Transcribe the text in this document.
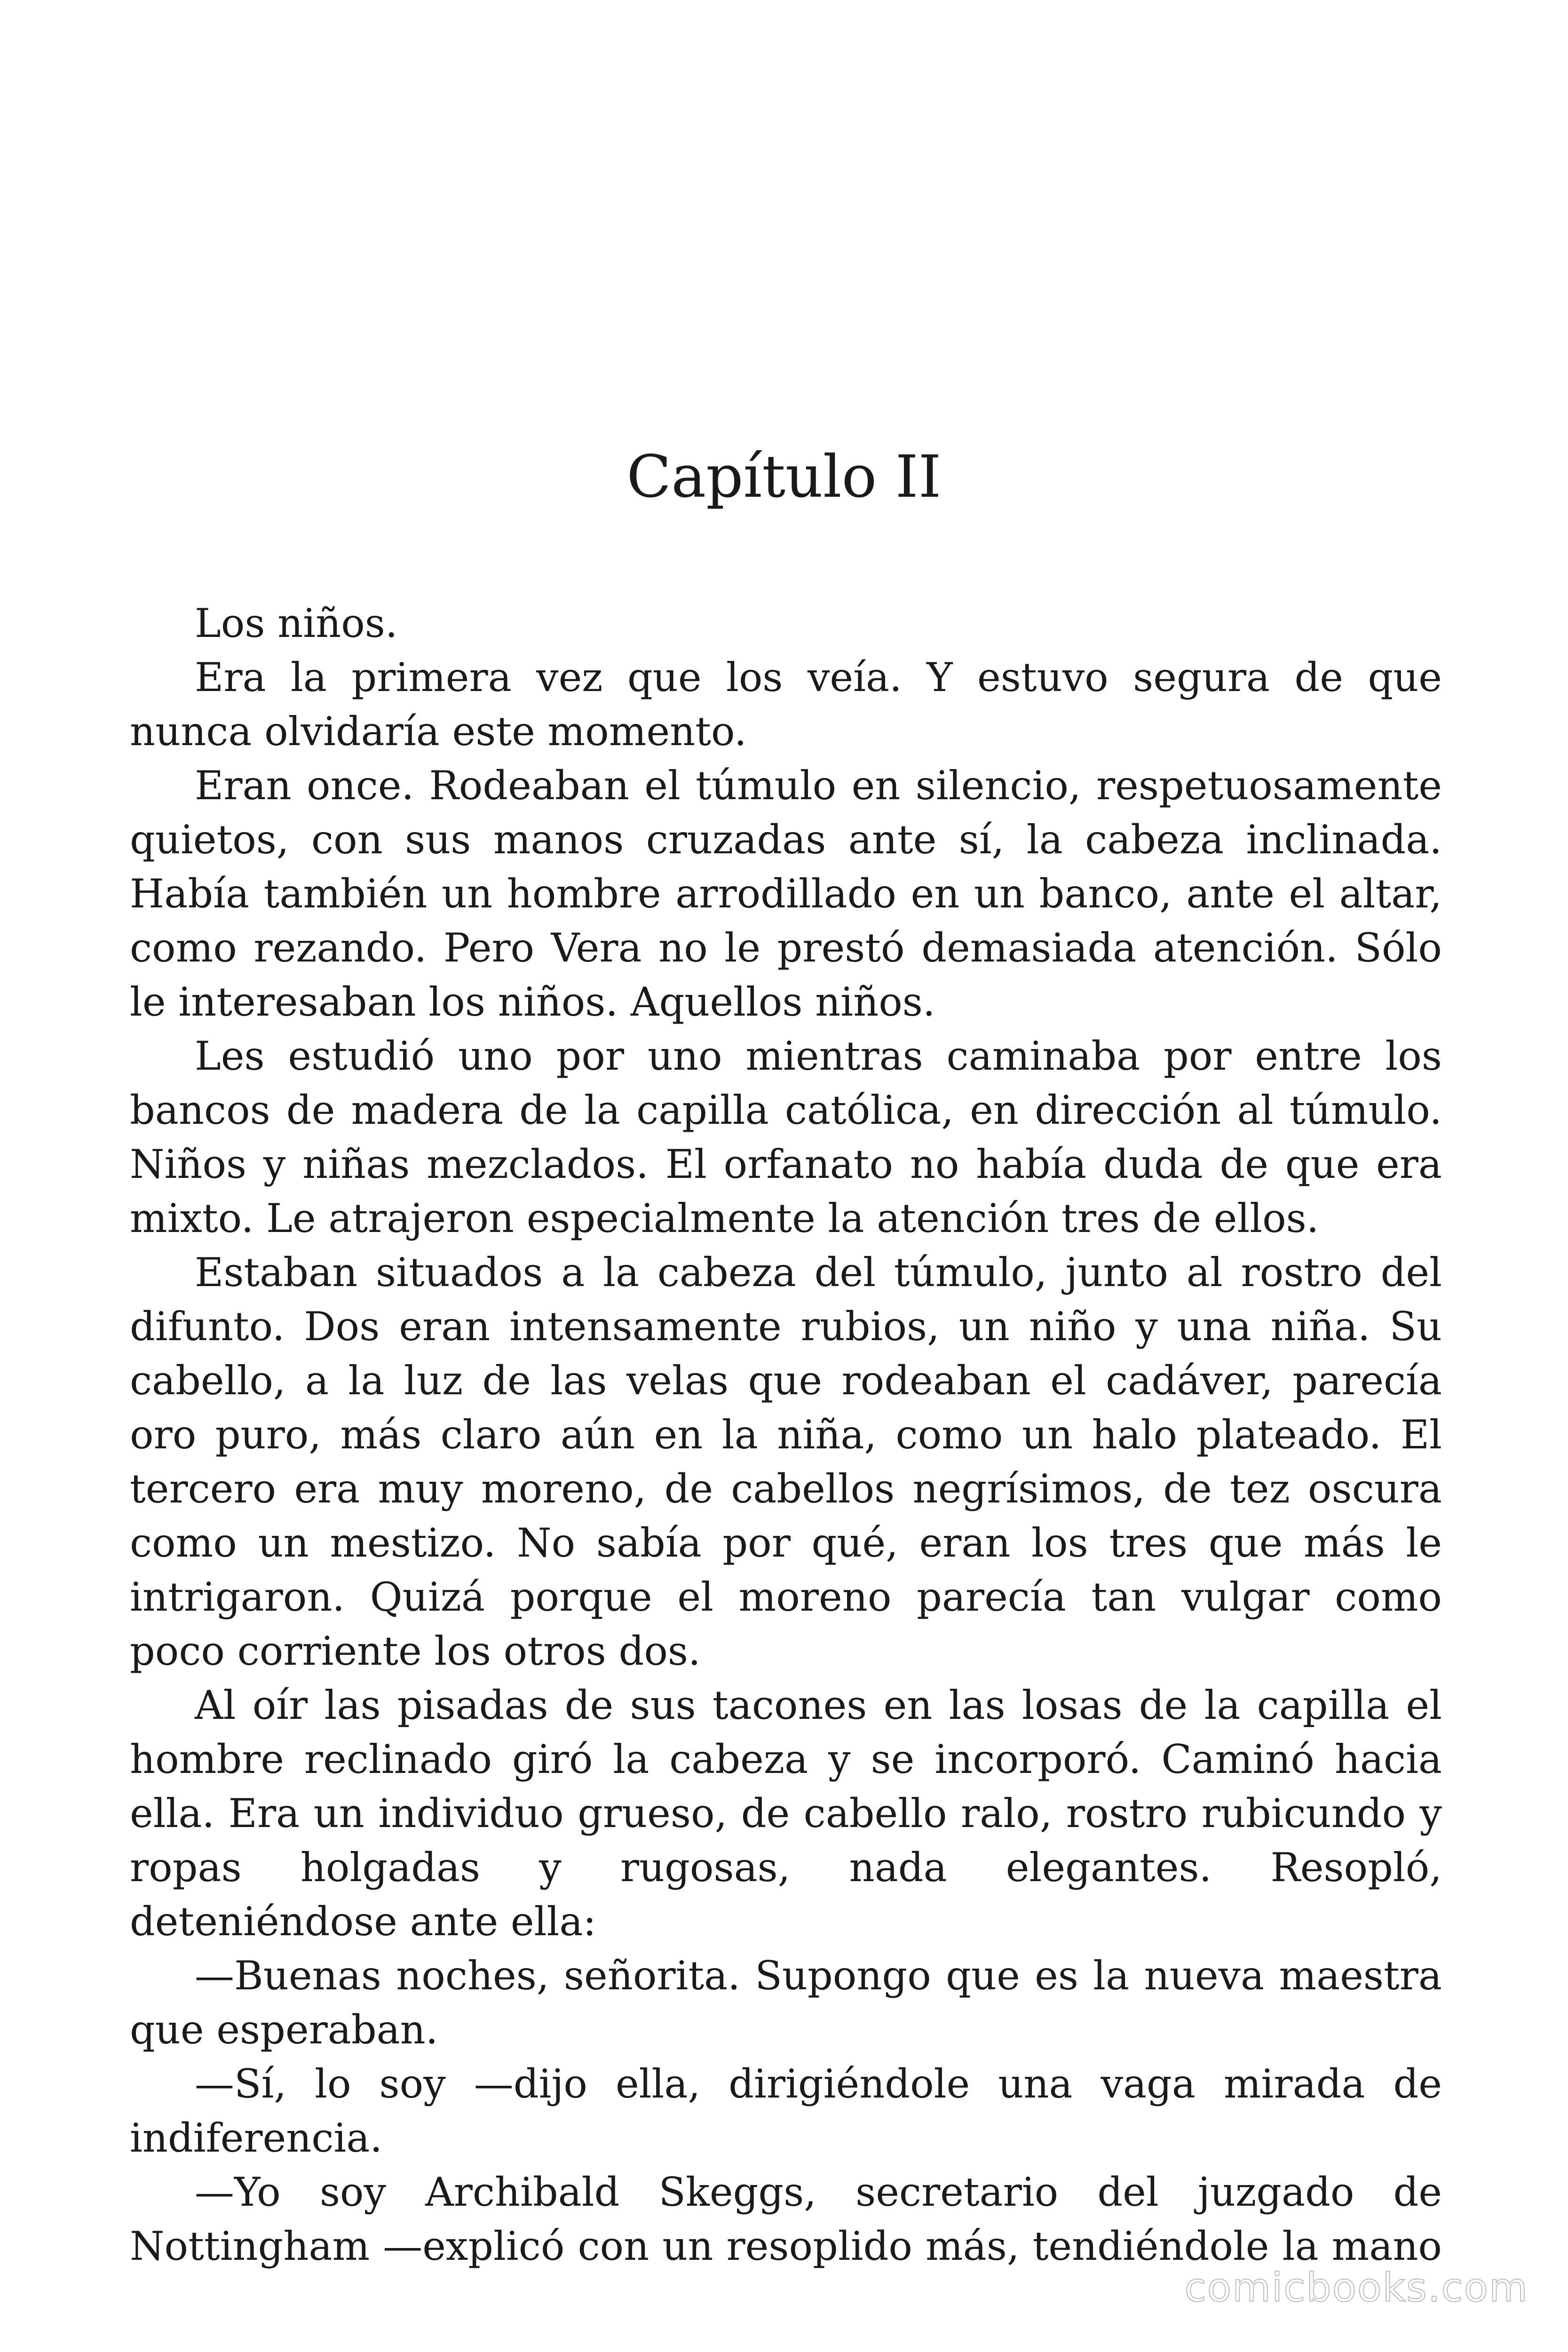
Capítulo II

Los niños.

Era la primera vez que los veía. Y estuvo segura de que nunca olvidaría este momento.

Eran once. Rodeaban el túmulo en silencio, respetuosamente quietos, con sus manos cruzadas ante sí, la cabeza inclinada. Había también un hombre arrodillado en un banco, ante el altar, como rezando. Pero Vera no le prestó demasiada atención. Sólo le interesaban los niños. Aquellos niños.

Les estudió uno por uno mientras caminaba por entre los bancos de madera de la capilla católica, en dirección al túmulo. Niños y niñas mezclados. El orfanato no había duda de que era mixto. Le atrajeron especialmente la atención tres de ellos.

Estaban situados a la cabeza del túmulo, junto al rostro del difunto. Dos eran intensamente rubios, un niño y una niña. Su cabello, a la luz de las velas que rodeaban el cadáver, parecía oro puro, más claro aún en la niña, como un halo plateado. El tercero era muy moreno, de cabellos negrísimos, de tez oscura como un mestizo. No sabía por qué, eran los tres que más le intrigaron. Quizá porque el moreno parecía tan vulgar como poco corriente los otros dos.

Al oír las pisadas de sus tacones en las losas de la capilla el hombre reclinado giró la cabeza y se incorporó. Caminó hacia ella. Era un individuo grueso, de cabello ralo, rostro rubicundo y ropas holgadas y rugosas, nada elegantes. Resopló, deteniéndose ante ella:

—Buenas noches, señorita. Supongo que es la nueva maestra que esperaban.

—Sí, lo soy —dijo ella, dirigiéndole una vaga mirada de indiferencia.

—Yo soy Archibald Skeggs, secretario del juzgado de Nottingham —explicó con un resoplido más, tendiéndole la mano

comicbooks.com
